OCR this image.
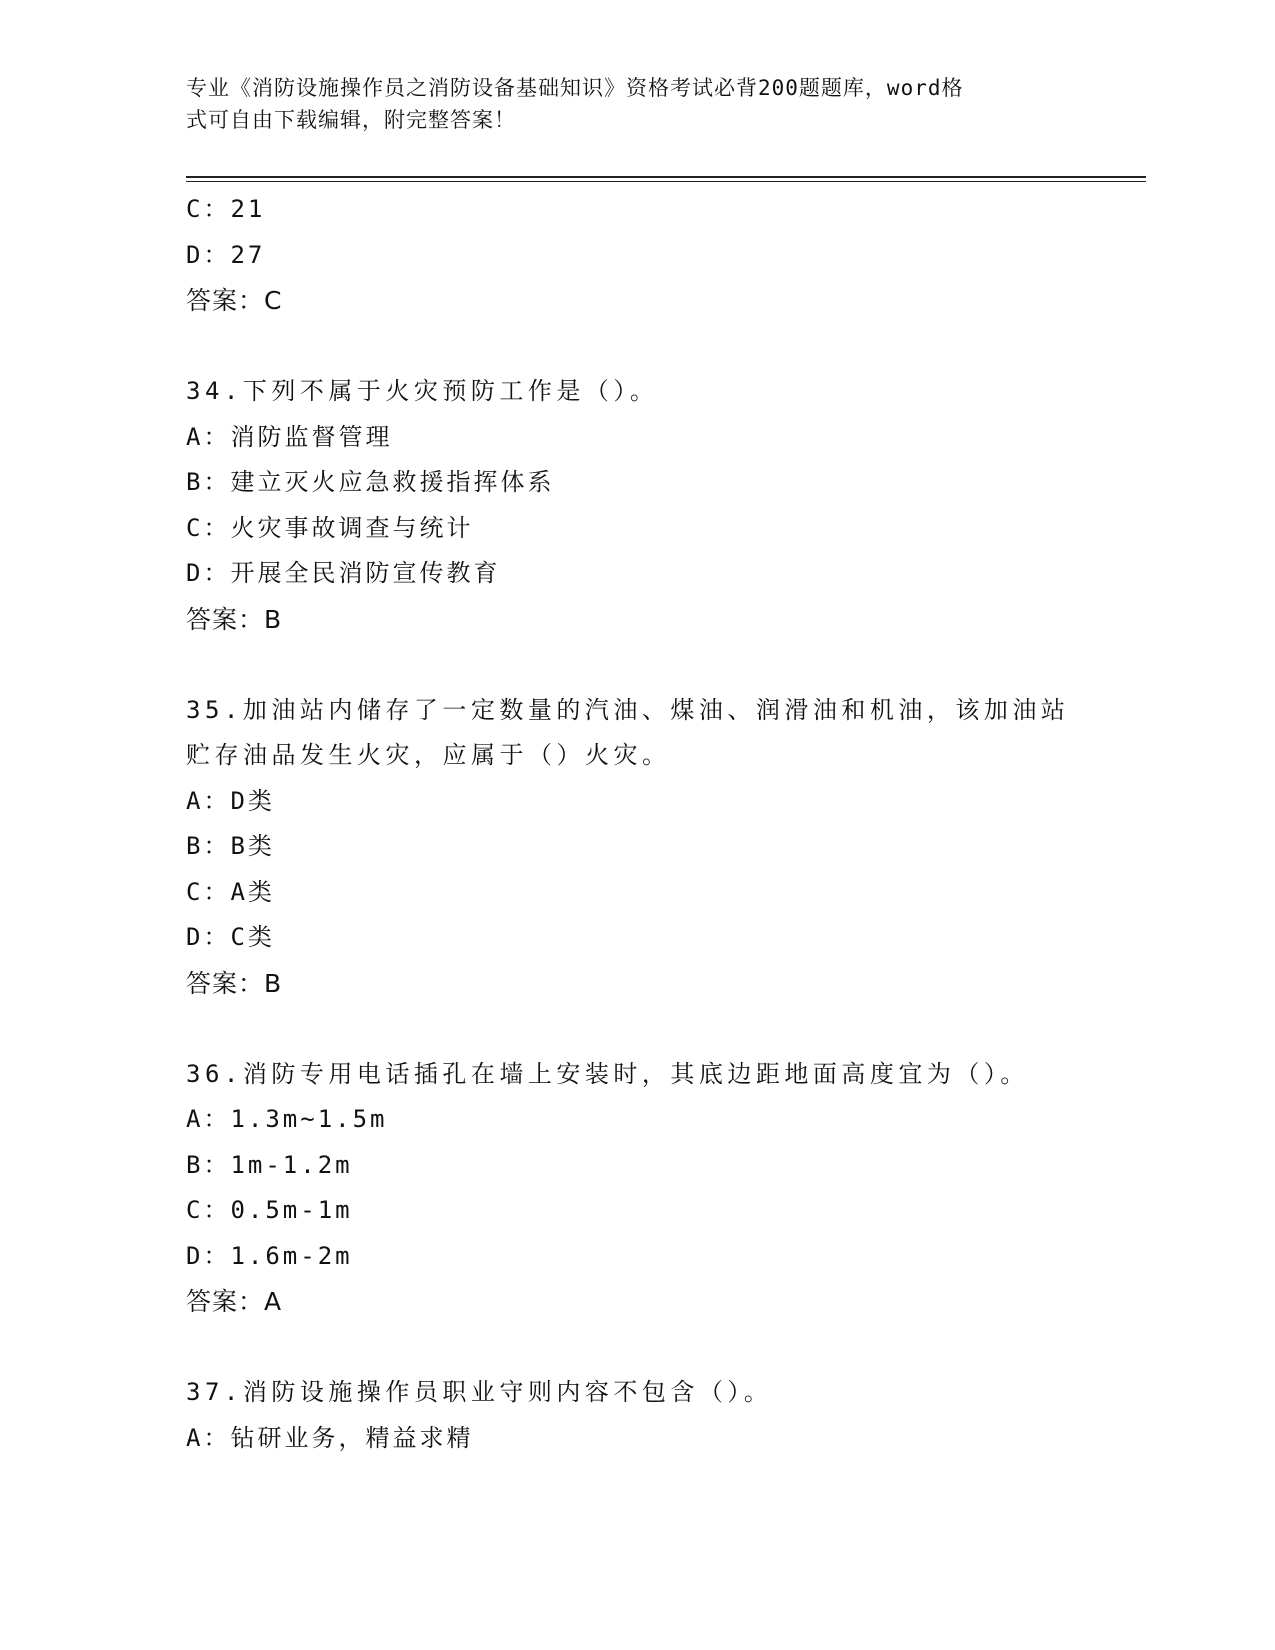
专业《消防设施操作员之消防设备基础知识》资格考试必背200题题库，word格
式可自由下载编辑，附完整答案！
C：21
D：27
答案：C
34.下列不属于火灾预防工作是（）。
A：消防监督管理
B：建立灭火应急救援指挥体系
C：火灾事故调查与统计
D：开展全民消防宣传教育
答案：B
35.加油站内储存了一定数量的汽油、煤油、润滑油和机油，该加油站
贮存油品发生火灾，应属于（）火灾。
A：D类
B：B类
C：A类
D：C类
答案：B
36.消防专用电话插孔在墙上安装时，其底边距地面高度宜为（）。
A：1.3m~1.5m
B：1m-1.2m
C：0.5m-1m
D：1.6m-2m
答案：A
37.消防设施操作员职业守则内容不包含（）。
A：钻研业务，精益求精
